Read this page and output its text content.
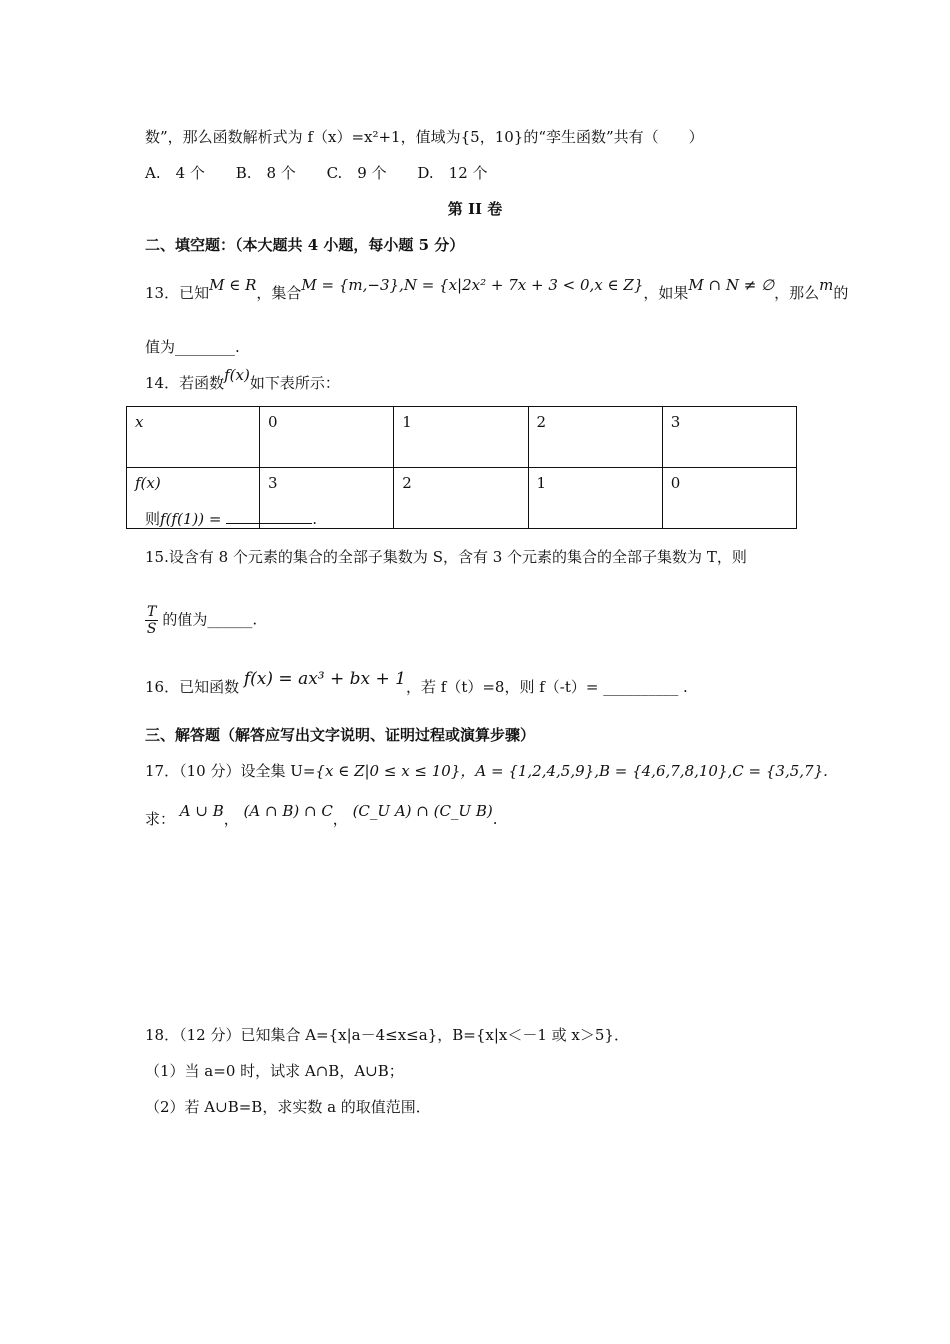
数”，那么函数解析式为 f（x）=x²+1，值域为{5，10}的“孪生函数”共有（　　）
A.　4 个 B.　8 个 C.　9 个 D.　12 个
第 II 卷
二、填空题：（本大题共 4 小题，每小题 5 分）
13．已知M ∈ R，集合M = {m,−3},N = {x|2x² + 7x + 3 < 0,x ∈ Z}，如果M ∩ N ≠ ∅，那么m的
值为________.
14．若函数f(x)如下表所示：
x	0	1	2	3
f(x)	3	2	1	0
则f(f(1)) =	.
15.设含有 8 个元素的集合的全部子集数为 S，含有 3 个元素的集合的全部子集数为 T，则
$\frac{T}{S}$ 的值为______.
16．已知函数 f(x) = ax³ + bx + 1，若 f（t）=8，则 f（-t）= __________ .
三、解答题（解答应写出文字说明、证明过程或演算步骤）
17．（10 分）设全集 U={x ∈ Z|0 ≤ x ≤ 10}，A = {1,2,4,5,9},B = {4,6,7,8,10},C = {3,5,7}.
求： A ∪ B， (A ∩ B) ∩ C， (C_U A) ∩ (C_U B).
18．（12 分）已知集合 A={x|a－4≤x≤a}，B={x|x＜－1 或 x＞5}．
（1）当 a=0 时，试求 A∩B，A∪B；
（2）若 A∪B=B，求实数 a 的取值范围．
